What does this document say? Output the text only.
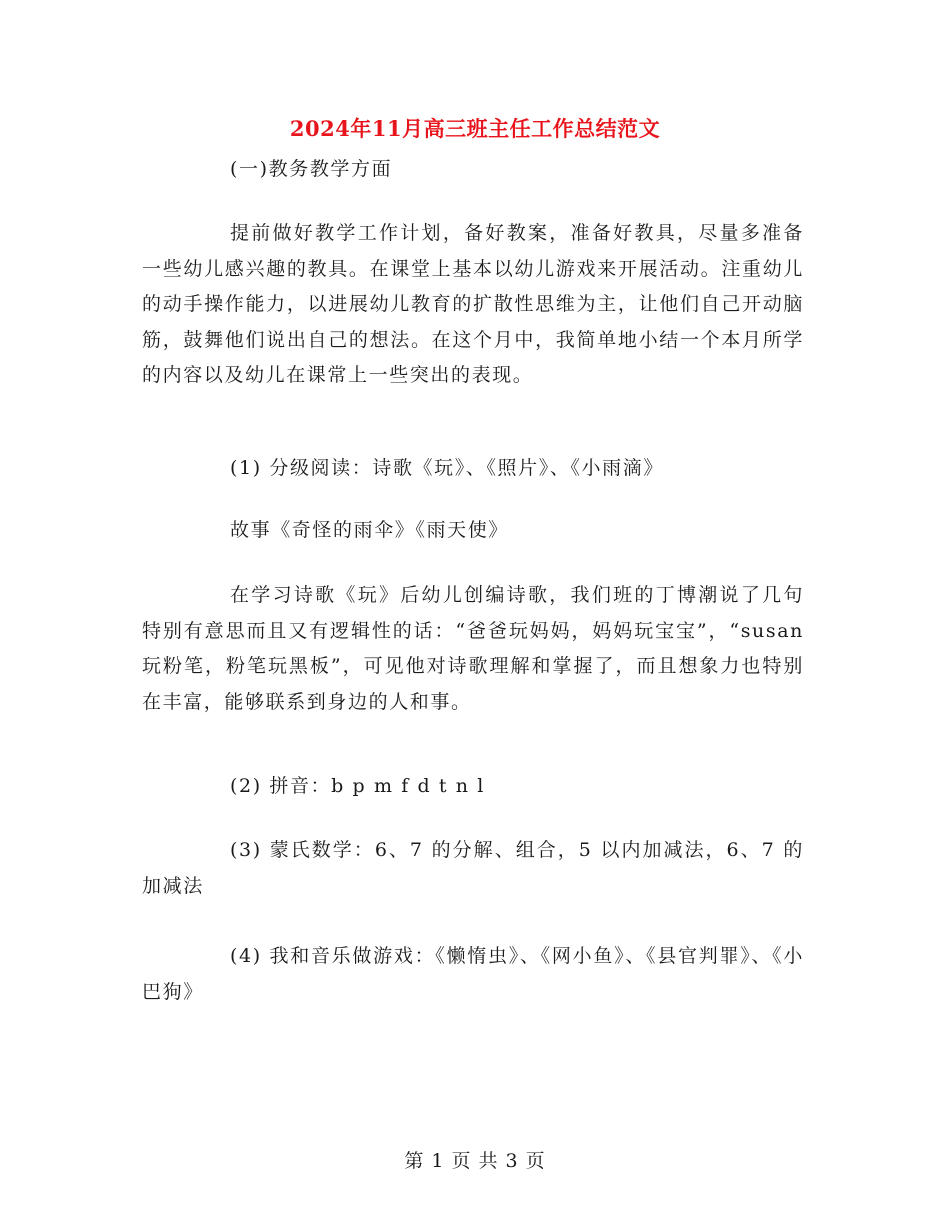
2024年11月高三班主任工作总结范文

(一)教务教学方面

提前做好教学工作计划，备好教案，准备好教具，尽量多准备一些幼儿感兴趣的教具。在课堂上基本以幼儿游戏来开展活动。注重幼儿的动手操作能力，以进展幼儿教育的扩散性思维为主，让他们自己开动脑筋，鼓舞他们说出自己的想法。在这个月中，我简单地小结一个本月所学的内容以及幼儿在课常上一些突出的表现。

(1) 分级阅读：诗歌《玩》、《照片》、《小雨滴》

故事《奇怪的雨伞》《雨天使》

在学习诗歌《玩》后幼儿创编诗歌，我们班的丁博潮说了几句特别有意思而且又有逻辑性的话：“爸爸玩妈妈，妈妈玩宝宝”，“susan 玩粉笔，粉笔玩黑板”，可见他对诗歌理解和掌握了，而且想象力也特别在丰富，能够联系到身边的人和事。

(2) 拼音：b p m f d t n l

(3) 蒙氏数学：6、7 的分解、组合，5 以内加减法，6、7 的加减法

(4) 我和音乐做游戏：《懒惰虫》、《网小鱼》、《县官判罪》、《小巴狗》

第 1 页 共 3 页
